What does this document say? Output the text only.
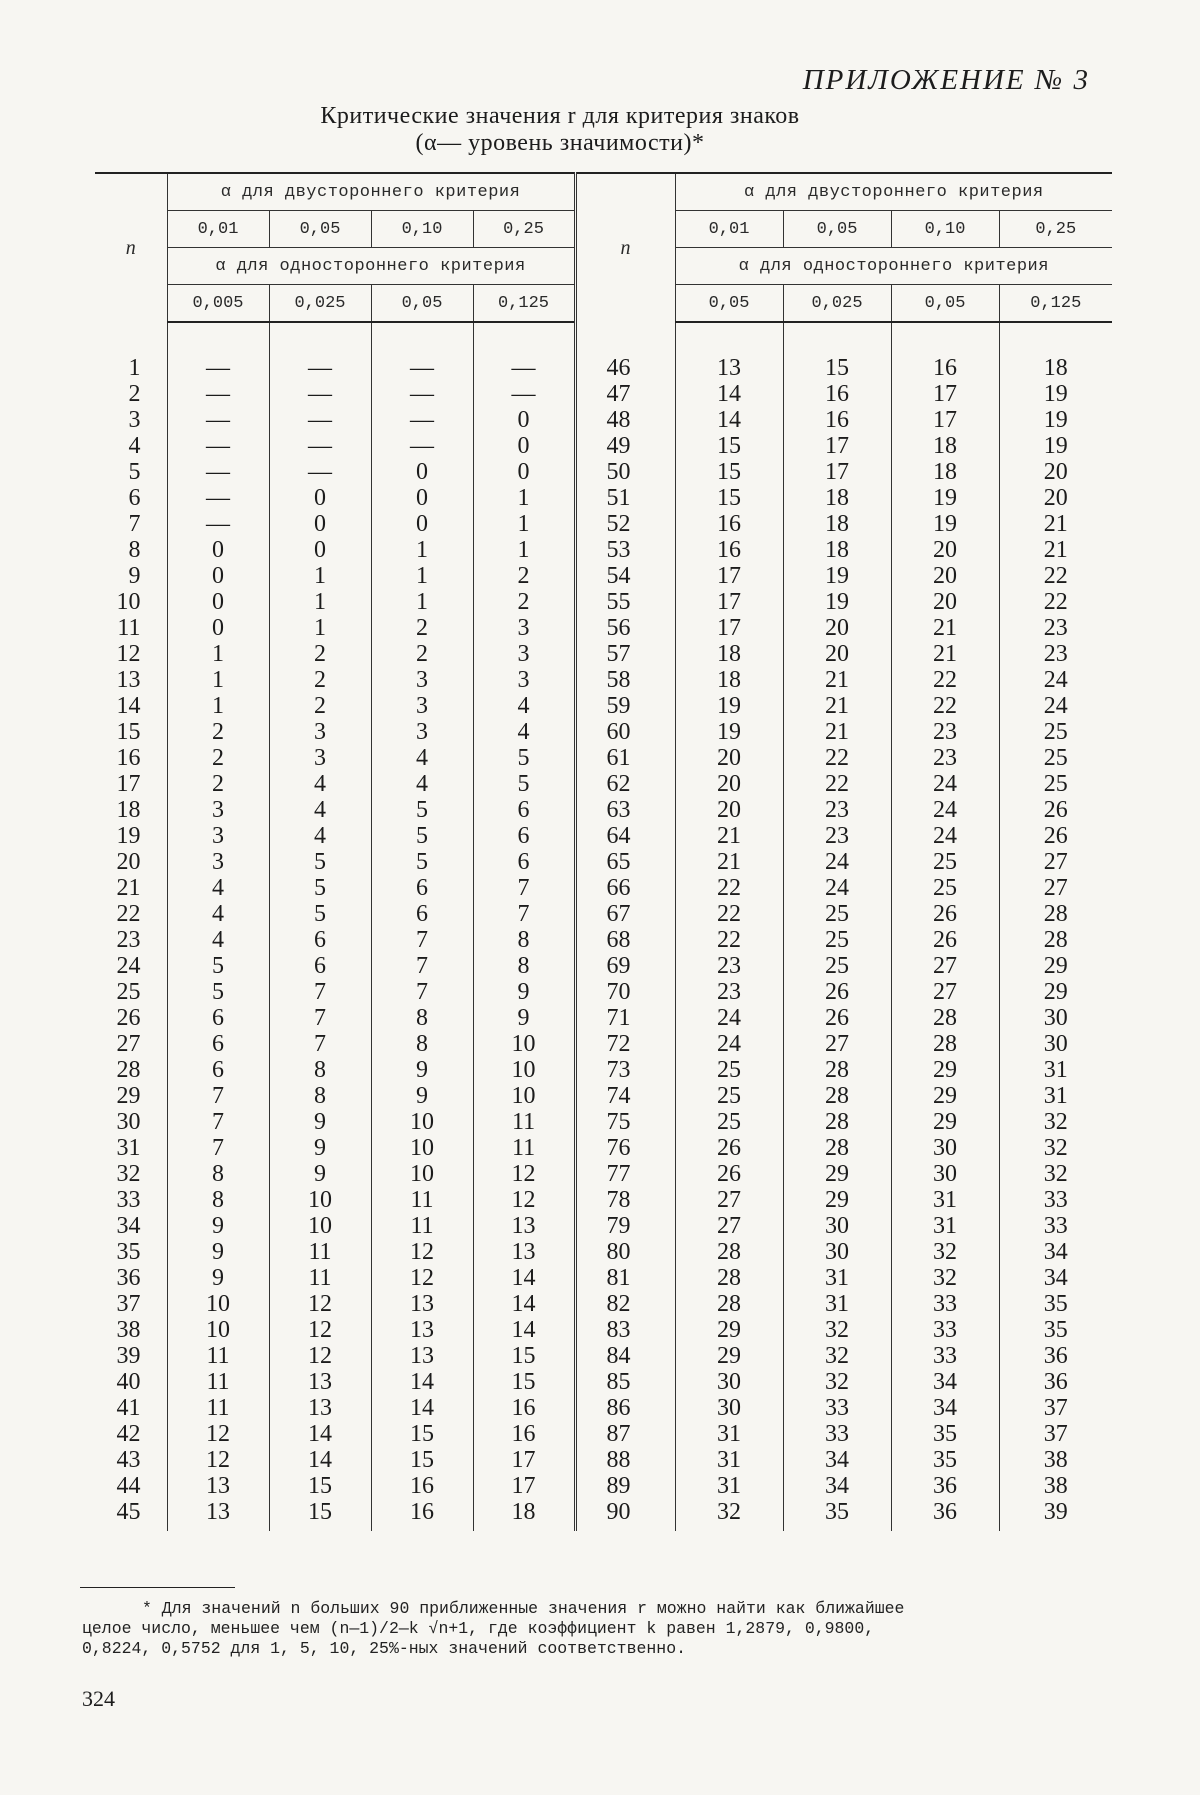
ПРИЛОЖЕНИЕ № 3
Критические значения r для критерия знаков
(α— уровень значимости)*
n	α для двустороннего критерия				n	α для двустороннего критерия			
	0,01	0,05	0,10	0,25		0,01	0,05	0,10	0,25
	α для одностороннего критерия					α для одностороннего критерия			
	0,005	0,025	0,05	0,125		0,05	0,025	0,05	0,125

1	—	—	—	—	46	13	15	16	18
2	—	—	—	—	47	14	16	17	19
3	—	—	—	0	48	14	16	17	19
4	—	—	—	0	49	15	17	18	19
5	—	—	0	0	50	15	17	18	20
6	—	0	0	1	51	15	18	19	20
7	—	0	0	1	52	16	18	19	21
8	0	0	1	1	53	16	18	20	21
9	0	1	1	2	54	17	19	20	22
10	0	1	1	2	55	17	19	20	22
11	0	1	2	3	56	17	20	21	23
12	1	2	2	3	57	18	20	21	23
13	1	2	3	3	58	18	21	22	24
14	1	2	3	4	59	19	21	22	24
15	2	3	3	4	60	19	21	23	25
16	2	3	4	5	61	20	22	23	25
17	2	4	4	5	62	20	22	24	25
18	3	4	5	6	63	20	23	24	26
19	3	4	5	6	64	21	23	24	26
20	3	5	5	6	65	21	24	25	27
21	4	5	6	7	66	22	24	25	27
22	4	5	6	7	67	22	25	26	28
23	4	6	7	8	68	22	25	26	28
24	5	6	7	8	69	23	25	27	29
25	5	7	7	9	70	23	26	27	29
26	6	7	8	9	71	24	26	28	30
27	6	7	8	10	72	24	27	28	30
28	6	8	9	10	73	25	28	29	31
29	7	8	9	10	74	25	28	29	31
30	7	9	10	11	75	25	28	29	32
31	7	9	10	11	76	26	28	30	32
32	8	9	10	12	77	26	29	30	32
33	8	10	11	12	78	27	29	31	33
34	9	10	11	13	79	27	30	31	33
35	9	11	12	13	80	28	30	32	34
36	9	11	12	14	81	28	31	32	34
37	10	12	13	14	82	28	31	33	35
38	10	12	13	14	83	29	32	33	35
39	11	12	13	15	84	29	32	33	36
40	11	13	14	15	85	30	32	34	36
41	11	13	14	16	86	30	33	34	37
42	12	14	15	16	87	31	33	35	37
43	12	14	15	17	88	31	34	35	38
44	13	15	16	17	89	31	34	36	38
45	13	15	16	18	90	32	35	36	39
* Для значений n больших 90 приближенные значения r можно найти как ближайшее
целое число, меньшее чем (n—1)/2—k √n+1, где коэффициент k равен 1,2879, 0,9800,
0,8224, 0,5752 для 1, 5, 10, 25%-ных значений соответственно.
324
